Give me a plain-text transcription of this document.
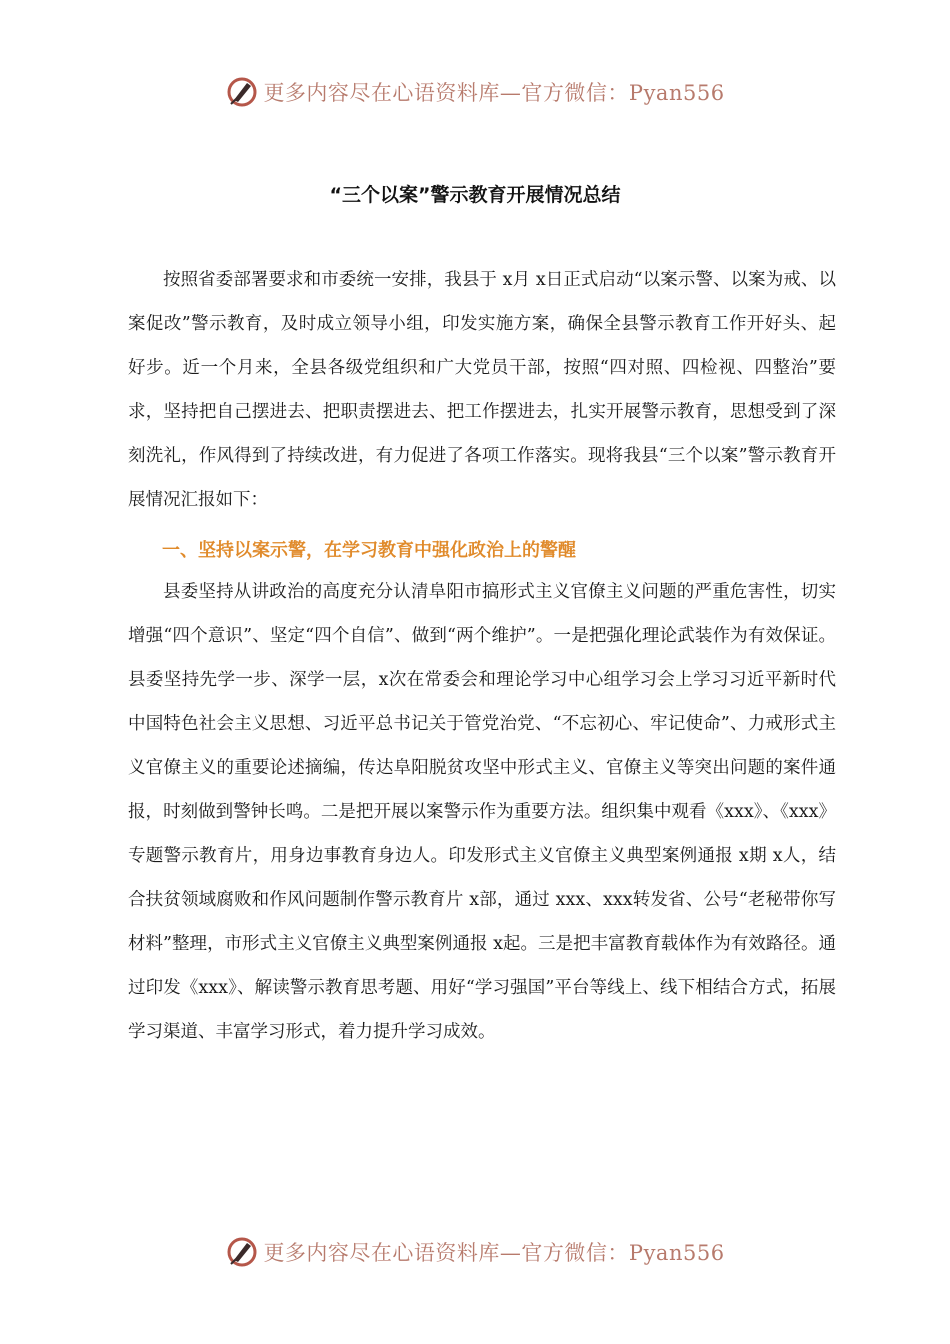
更多内容尽在心语资料库—官方微信：Pyan556
“三个以案”警示教育开展情况总结

按照省委部署要求和市委统一安排，我县于 x月 x日正式启动“以案示警、以案为戒、以案促改”警示教育，及时成立领导小组，印发实施方案，确保全县警示教育工作开好头、起好步。近一个月来，全县各级党组织和广大党员干部，按照“四对照、四检视、四整治”要求，坚持把自己摆进去、把职责摆进去、把工作摆进去，扎实开展警示教育，思想受到了深刻洗礼，作风得到了持续改进，有力促进了各项工作落实。现将我县“三个以案”警示教育开展情况汇报如下：

一、坚持以案示警，在学习教育中强化政治上的警醒

县委坚持从讲政治的高度充分认清阜阳市搞形式主义官僚主义问题的严重危害性，切实增强“四个意识”、坚定“四个自信”、做到“两个维护”。一是把强化理论武装作为有效保证。县委坚持先学一步、深学一层，x次在常委会和理论学习中心组学习会上学习习近平新时代中国特色社会主义思想、习近平总书记关于管党治党、“不忘初心、牢记使命”、力戒形式主义官僚主义的重要论述摘编，传达阜阳脱贫攻坚中形式主义、官僚主义等突出问题的案件通报，时刻做到警钟长鸣。二是把开展以案警示作为重要方法。组织集中观看《xxx》、《xxx》专题警示教育片，用身边事教育身边人。印发形式主义官僚主义典型案例通报 x期 x人，结合扶贫领域腐败和作风问题制作警示教育片 x部，通过 xxx、xxx转发省、公号“老秘带你写材料”整理，市形式主义官僚主义典型案例通报 x起。三是把丰富教育载体作为有效路径。通过印发《xxx》、解读警示教育思考题、用好“学习强国”平台等线上、线下相结合方式，拓展学习渠道、丰富学习形式，着力提升学习成效。

更多内容尽在心语资料库—官方微信：Pyan556
